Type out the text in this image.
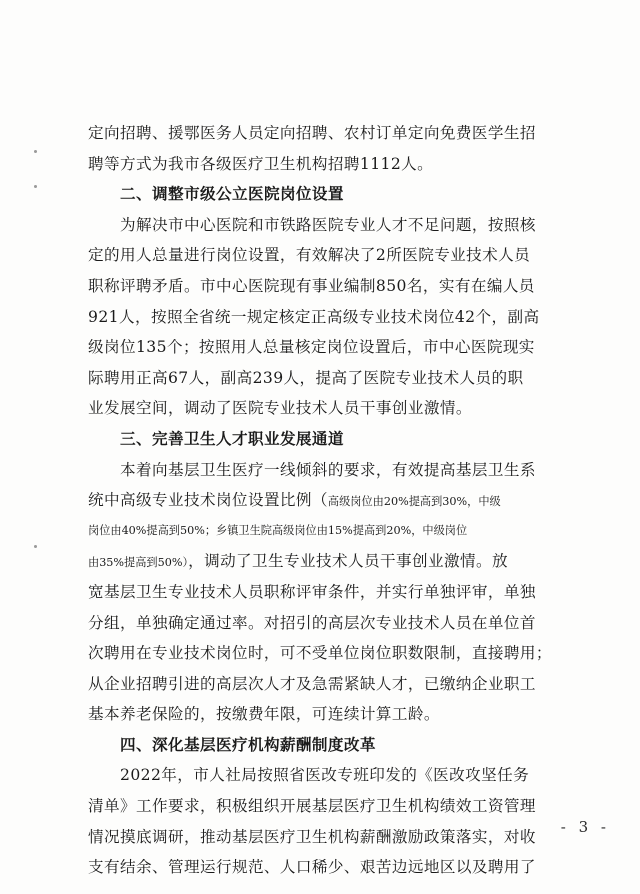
定向招聘、援鄂医务人员定向招聘、农村订单定向免费医学生招
聘等方式为我市各级医疗卫生机构招聘1112人。
二、调整市级公立医院岗位设置
为解决市中心医院和市铁路医院专业人才不足问题，按照核
定的用人总量进行岗位设置，有效解决了2所医院专业技术人员
职称评聘矛盾。市中心医院现有事业编制850名，实有在编人员
921人，按照全省统一规定核定正高级专业技术岗位42个，副高
级岗位135个；按照用人总量核定岗位设置后，市中心医院现实
际聘用正高67人，副高239人，提高了医院专业技术人员的职
业发展空间，调动了医院专业技术人员干事创业激情。
三、完善卫生人才职业发展通道
本着向基层卫生医疗一线倾斜的要求，有效提高基层卫生系
统中高级专业技术岗位设置比例（高级岗位由20%提高到30%，中级
岗位由40%提高到50%；乡镇卫生院高级岗位由15%提高到20%，中级岗位
由35%提高到50%），调动了卫生专业技术人员干事创业激情。放
宽基层卫生专业技术人员职称评审条件，并实行单独评审，单独
分组，单独确定通过率。对招引的高层次专业技术人员在单位首
次聘用在专业技术岗位时，可不受单位岗位职数限制，直接聘用；
从企业招聘引进的高层次人才及急需紧缺人才，已缴纳企业职工
基本养老保险的，按缴费年限，可连续计算工龄。
四、深化基层医疗机构薪酬制度改革
2022年，市人社局按照省医改专班印发的《医改攻坚任务
清单》工作要求，积极组织开展基层医疗卫生机构绩效工资管理
情况摸底调研，推动基层医疗卫生机构薪酬激励政策落实，对收
支有结余、管理运行规范、人口稀少、艰苦边远地区以及聘用了
- 3 -
